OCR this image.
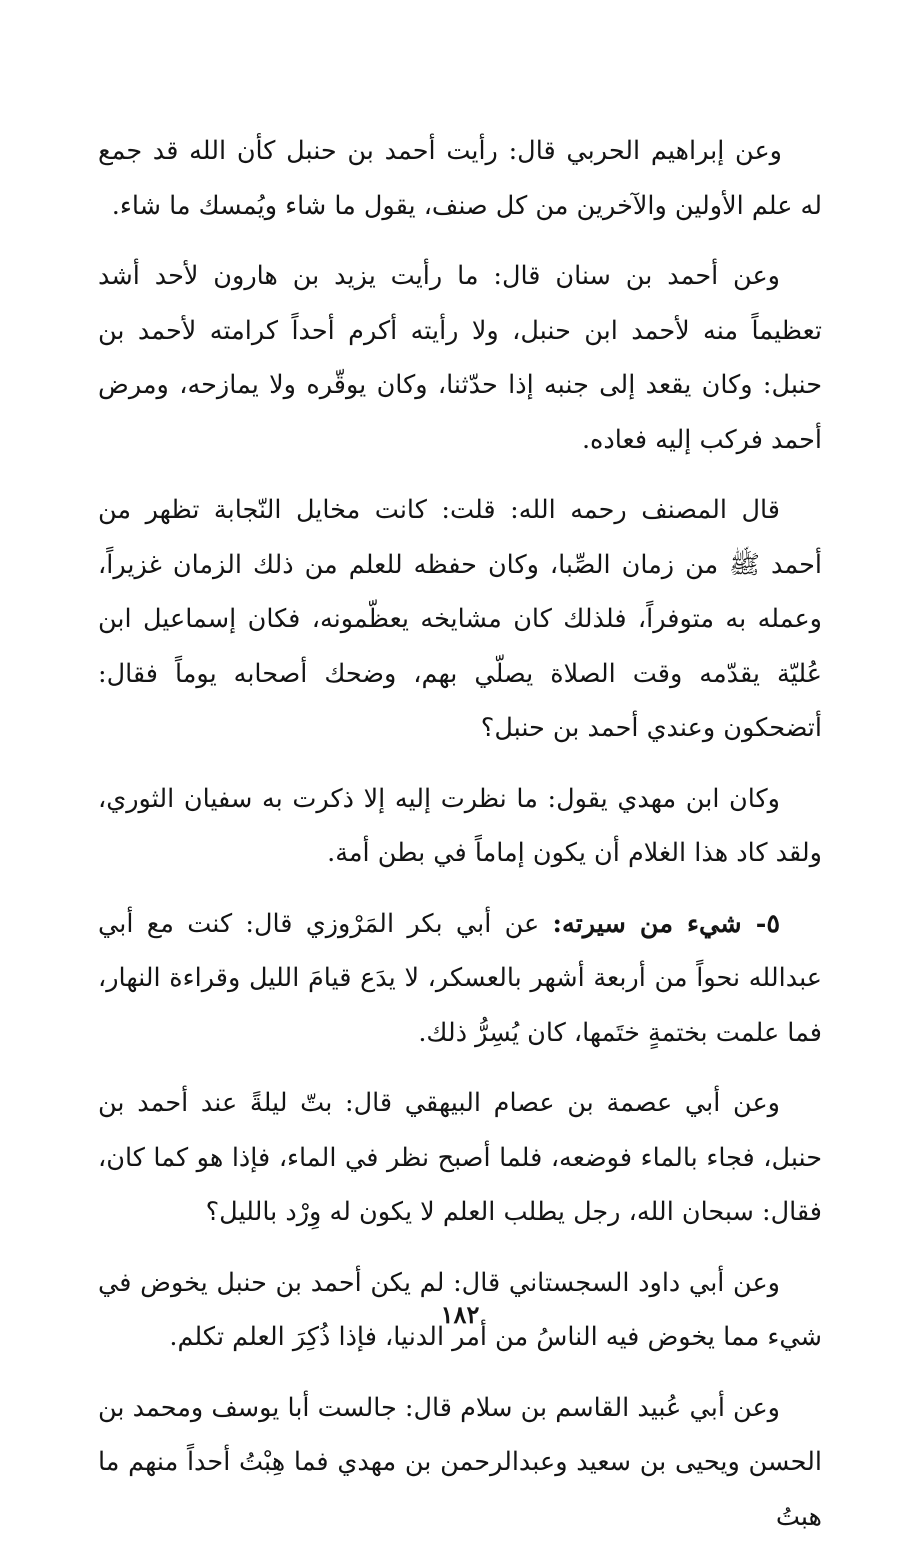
وعن إبراهيم الحربي قال: رأيت أحمد بن حنبل كأن الله قد جمع له علم الأولين والآخرين من كل صنف، يقول ما شاء ويُمسك ما شاء.

وعن أحمد بن سنان قال: ما رأيت يزيد بن هارون لأحد أشد تعظيماً منه لأحمد ابن حنبل، ولا رأيته أكرم أحداً كرامته لأحمد بن حنبل: وكان يقعد إلى جنبه إذا حدّثنا، وكان يوقّره ولا يمازحه، ومرض أحمد فركب إليه فعاده.

قال المصنف رحمه الله: قلت: كانت مخايل النّجابة تظهر من أحمد ﷺ من زمان الصِّبا، وكان حفظه للعلم من ذلك الزمان غزيراً، وعمله به متوفراً، فلذلك كان مشايخه يعظّمونه، فكان إسماعيل ابن عُليّة يقدّمه وقت الصلاة يصلّي بهم، وضحك أصحابه يوماً فقال: أتضحكون وعندي أحمد بن حنبل؟

وكان ابن مهدي يقول: ما نظرت إليه إلا ذكرت به سفيان الثوري، ولقد كاد هذا الغلام أن يكون إماماً في بطن أمة.

٥- شيء من سيرته: عن أبي بكر المَرْوزي قال: كنت مع أبي عبدالله نحواً من أربعة أشهر بالعسكر، لا يدَع قيامَ الليل وقراءة النهار، فما علمت بختمةٍ ختَمها، كان يُسِرُّ ذلك.

وعن أبي عصمة بن عصام البيهقي قال: بتّ ليلةً عند أحمد بن حنبل، فجاء بالماء فوضعه، فلما أصبح نظر في الماء، فإذا هو كما كان، فقال: سبحان الله، رجل يطلب العلم لا يكون له وِرْد بالليل؟

وعن أبي داود السجستاني قال: لم يكن أحمد بن حنبل يخوض في شيء مما يخوض فيه الناسُ من أمر الدنيا، فإذا ذُكِرَ العلم تكلم.

وعن أبي عُبيد القاسم بن سلام قال: جالست أبا يوسف ومحمد بن الحسن ويحيى بن سعيد وعبدالرحمن بن مهدي فما هِبْتُ أحداً منهم ما هبتُ

١٨٢
